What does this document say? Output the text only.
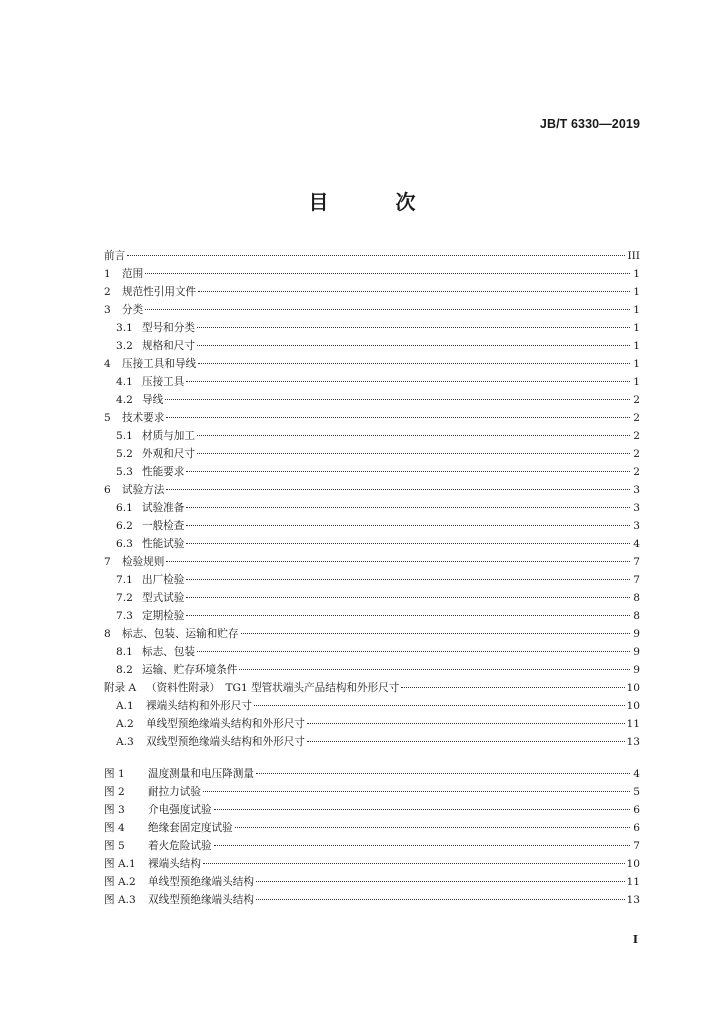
JB/T 6330—2019
目 次
前言	III
1	范围	1
2	规范性引用文件	1
3	分类	1
3.1 型号和分类	1
3.2 规格和尺寸	1
4	压接工具和导线	1
4.1 压接工具	1
4.2 导线	2
5	技术要求	2
5.1 材质与加工	2
5.2 外观和尺寸	2
5.3 性能要求	2
6	试验方法	3
6.1 试验准备	3
6.2 一般检查	3
6.3 性能试验	4
7	检验规则	7
7.1 出厂检验	7
7.2 型式试验	8
7.3 定期检验	8
8	标志、包装、运输和贮存	9
8.1 标志、包装	9
8.2 运输、贮存环境条件	9
附录 A （资料性附录）　TG1 型管状端头产品结构和外形尺寸	10
A.1	裸端头结构和外形尺寸	10
A.2	单线型预绝缘端头结构和外形尺寸	11
A.3	双线型预绝缘端头结构和外形尺寸	13
图 1	温度测量和电压降测量	4
图 2	耐拉力试验	5
图 3	介电强度试验	6
图 4	绝缘套固定度试验	6
图 5	着火危险试验	7
图 A.1	裸端头结构	10
图 A.2	单线型预绝缘端头结构	11
图 A.3	双线型预绝缘端头结构	13
I
